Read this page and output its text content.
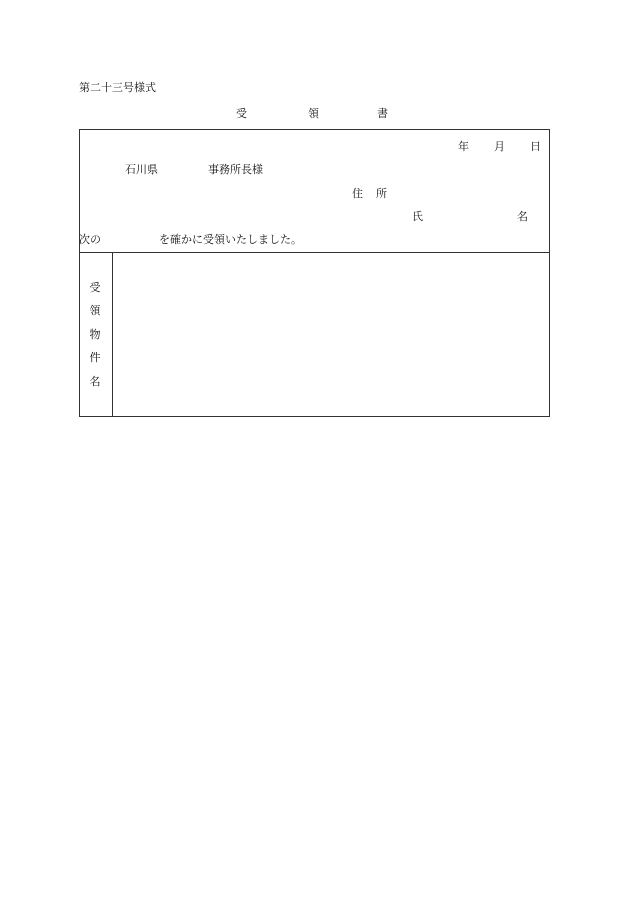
第二十三号様式
受	領	書
年 月 日
石川県	事務所長様
住 所
氏	名
次の	を確かに受領いたしました。
受
領
物
件
名
